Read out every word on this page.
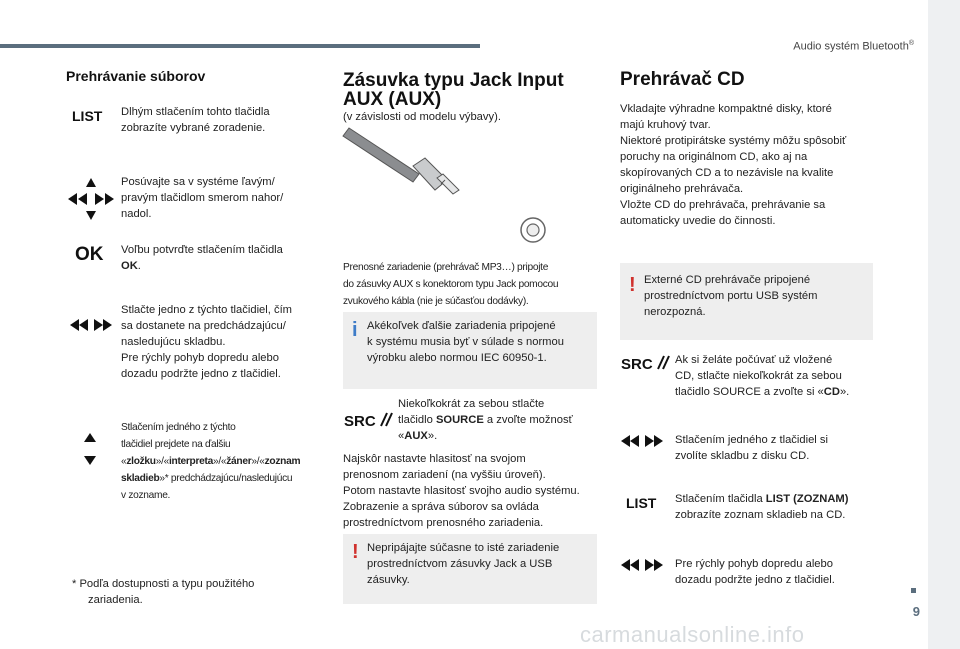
Audio systém Bluetooth®
9
carmanualsonline.info
Prehrávanie súborov
LIST Dlhým stlačením tohto tlačidla
zobrazíte vybrané zoradenie.
Posúvajte sa v systéme ľavým/
pravým tlačidlom smerom nahor/
nadol.
OK Voľbu potvrďte stlačením tlačidla
OK.
Stlačte jedno z týchto tlačidiel, čím
sa dostanete na predchádzajúcu/
nasledujúcu skladbu.
Pre rýchly pohyb dopredu alebo
dozadu podržte jedno z tlačidiel.
Stlačením jedného z týchto
tlačidiel prejdete na ďalšiu
«zložku»/«interpreta»/«žáner»/«zoznam
skladieb»* predchádzajúcu/nasledujúcu
v zozname.
* Podľa dostupnosti a typu použitého
zariadenia.
Zásuvka typu Jack Input
AUX (AUX)
(v závislosti od modelu výbavy).
Prenosné zariadenie (prehrávač MP3…) pripojte
do zásuvky AUX s konektorom typu Jack pomocou
zvukového kábla (nie je súčasťou dodávky).
i Akékoľvek ďalšie zariadenia pripojené
k systému musia byť v súlade s normou
výrobku alebo normou IEC 60950-1.
SRC
Niekoľkokrát za sebou stlačte
tlačidlo SOURCE a zvoľte možnosť
«AUX».
Najskôr nastavte hlasitosť na svojom
prenosnom zariadení (na vyššiu úroveň).
Potom nastavte hlasitosť svojho audio systému.
Zobrazenie a správa súborov sa ovláda
prostredníctvom prenosného zariadenia.
! Nepripájajte súčasne to isté zariadenie
prostredníctvom zásuvky Jack a USB
zásuvky.
Prehrávač CD
Vkladajte výhradne kompaktné disky, ktoré
majú kruhový tvar.
Niektoré protipirátske systémy môžu spôsobiť
poruchy na originálnom CD, ako aj na
skopírovaných CD a to nezávisle na kvalite
originálneho prehrávača.
Vložte CD do prehrávača, prehrávanie sa
automaticky uvedie do činnosti.
! Externé CD prehrávače pripojené
prostredníctvom portu USB systém
nerozpozná.
SRC Ak si želáte počúvať už vložené
CD, stlačte niekoľkokrát za sebou
tlačidlo SOURCE a zvoľte si «CD».
Stlačením jedného z tlačidiel si
zvolíte skladbu z disku CD.
LIST Stlačením tlačidla LIST (ZOZNAM)
zobrazíte zoznam skladieb na CD.
Pre rýchly pohyb dopredu alebo
dozadu podržte jedno z tlačidiel.
